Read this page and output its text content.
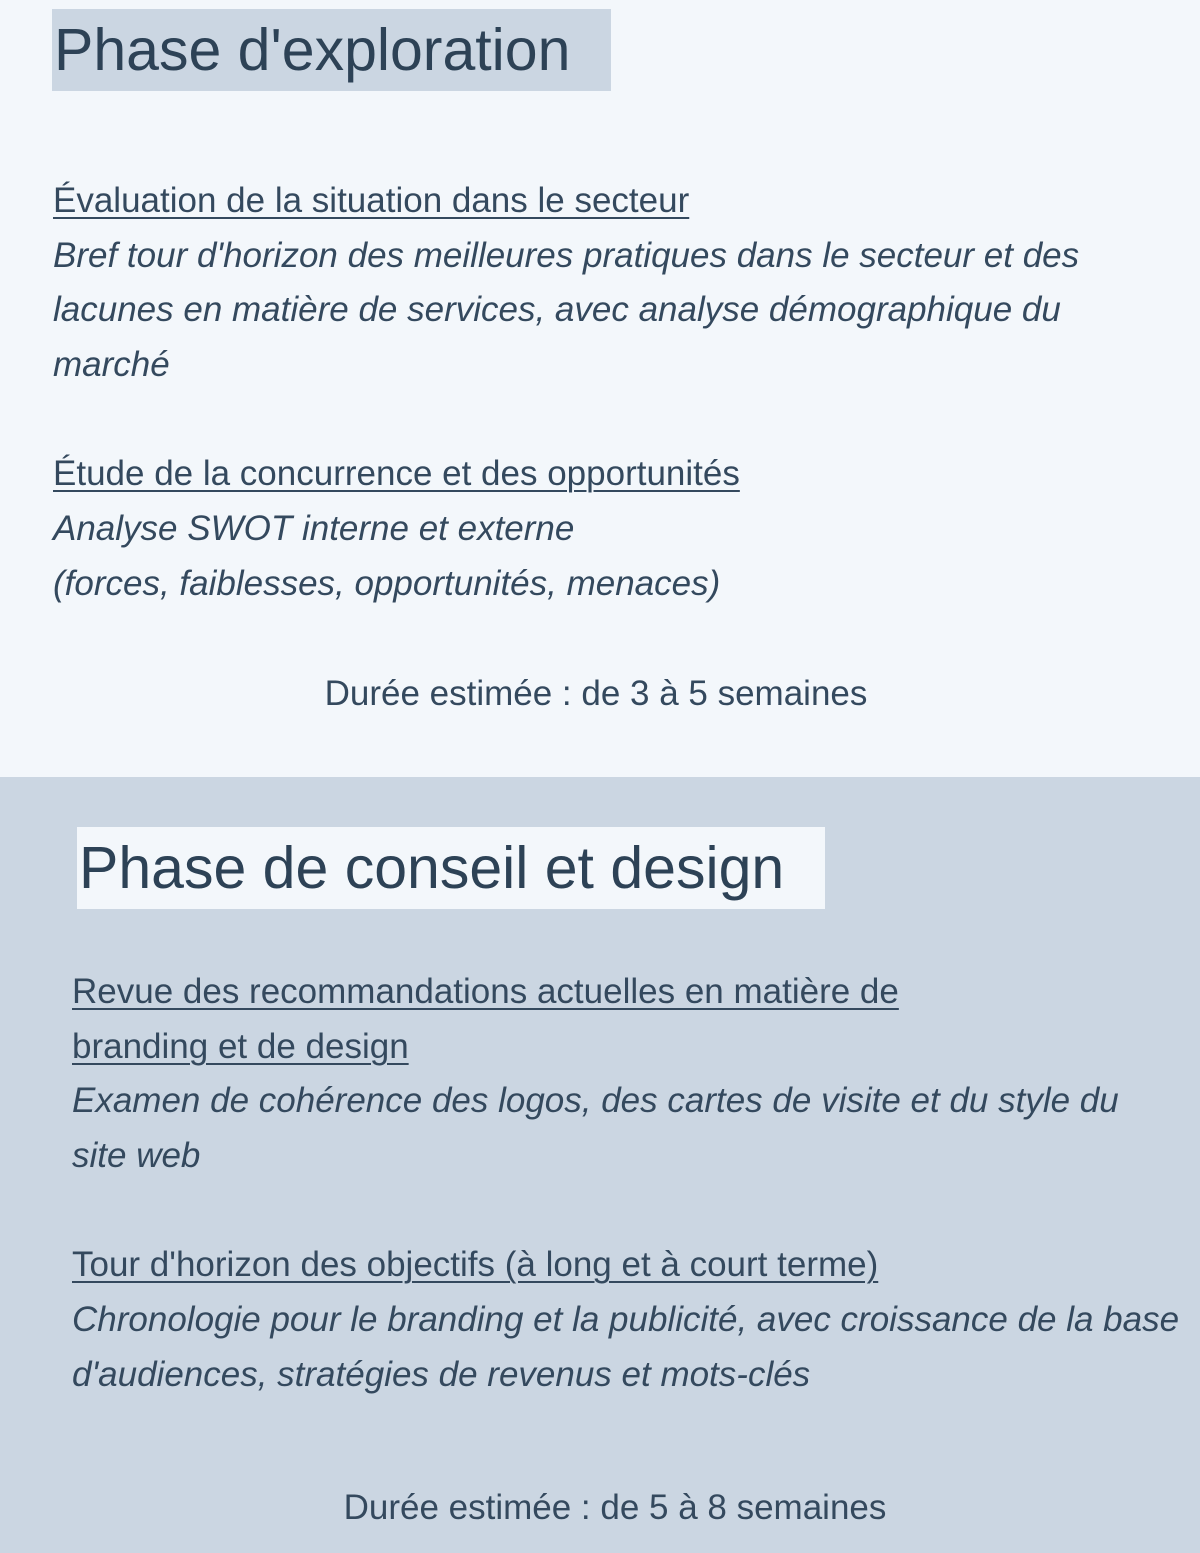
Phase d'exploration

Évaluation de la situation dans le secteur
Bref tour d'horizon des meilleures pratiques dans le secteur et des lacunes en matière de services, avec analyse démographique du marché

Étude de la concurrence et des opportunités
Analyse SWOT interne et externe
(forces, faiblesses, opportunités, menaces)

Durée estimée : de 3 à 5 semaines

Phase de conseil et design

Revue des recommandations actuelles en matière de branding et de design
Examen de cohérence des logos, des cartes de visite et du style du site web

Tour d'horizon des objectifs (à long et à court terme)
Chronologie pour le branding et la publicité, avec croissance de la base d'audiences, stratégies de revenus et mots-clés

Durée estimée : de 5 à 8 semaines
